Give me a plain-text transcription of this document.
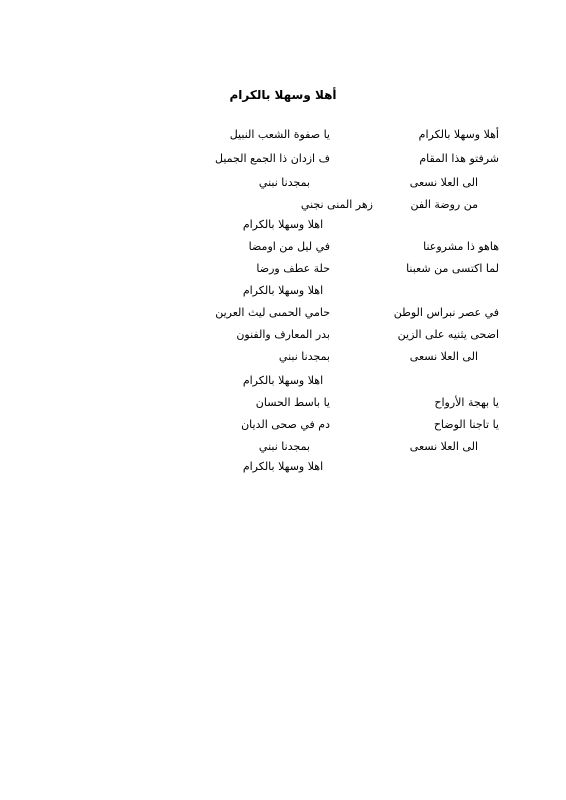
أهلا وسهلا بالكرام
أهلا وسهلا بالكرام
يا صفوة الشعب النبيل
شرفتو هذا المقام
ف ازدان ذا الجمع الجميل
الى العلا نسعى
بمجدنا نبني
من روضة الفن
زهر المنى نجني
اهلا وسهلا بالكرام
هاهو ذا مشروعنا
في ليل من اومضا
لما اكتسى من شعبنا
حلة عطف ورضا
اهلا وسهلا بالكرام
في عصر نبراس الوطن
حامي الحمىى ليث العرين
اضحى يثنيه على الزين
بدر المعارف والفنون
الى العلا نسعى
بمجدنا نبني
اهلا وسهلا بالكرام
يا بهجة الأرواح
يا باسط الحسان
يا تاجنا الوضاح
دم في صحى الديان
الى العلا نسعى
بمجدنا نبني
اهلا وسهلا بالكرام
